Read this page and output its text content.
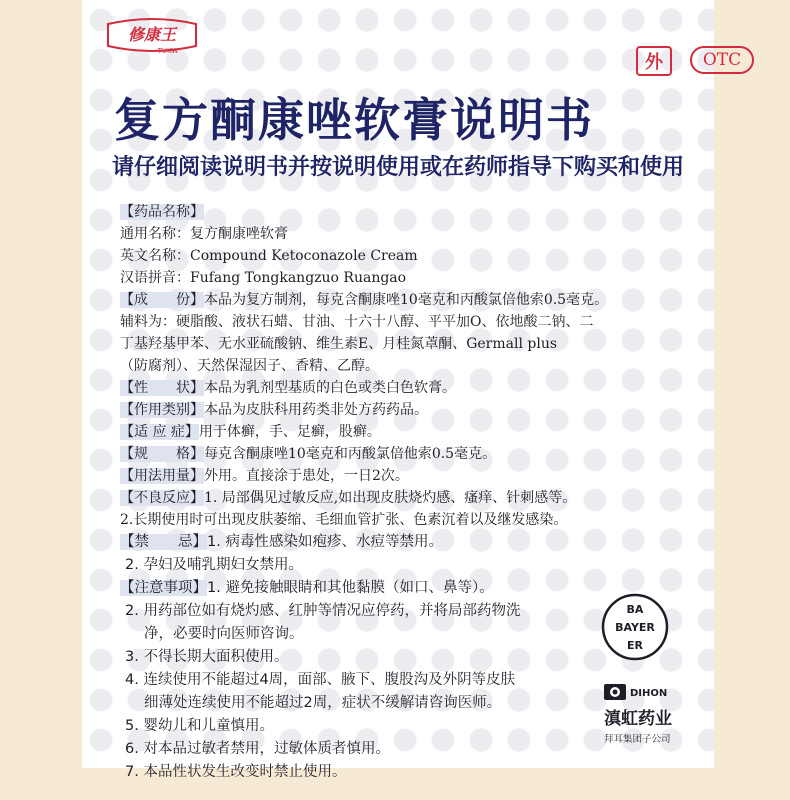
修康王
TUKW
外	OTC
复方酮康唑软膏说明书

请仔细阅读说明书并按说明使用或在药师指导下购买和使用

【药品名称】
通用名称：复方酮康唑软膏
英文名称：Compound Ketoconazole Cream
汉语拼音：Fufang Tongkangzuo Ruangao
【成　　份】本品为复方制剂，每克含酮康唑10毫克和丙酸氯倍他索0.5毫克。
辅料为：硬脂酸、液状石蜡、甘油、十六十八醇、平平加O、依地酸二钠、二
丁基羟基甲苯、无水亚硫酸钠、维生素E、月桂氮䓬酮、Germall plus
（防腐剂）、天然保湿因子、香精、乙醇。
【性　　状】本品为乳剂型基质的白色或类白色软膏。
【作用类别】本品为皮肤科用药类非处方药药品。
【适 应 症】用于体癣，手、足癣，股癣。
【规　　格】每克含酮康唑10毫克和丙酸氯倍他索0.5毫克。
【用法用量】外用。直接涂于患处，一日2次。
【不良反应】1. 局部偶见过敏反应,如出现皮肤烧灼感、瘙痒、针刺感等。
2.长期使用时可出现皮肤萎缩、毛细血管扩张、色素沉着以及继发感染。
【禁　　忌】1. 病毒性感染如疱疹、水痘等禁用。
2. 孕妇及哺乳期妇女禁用。
【注意事项】1. 避免接触眼睛和其他黏膜（如口、鼻等）。
2. 用药部位如有烧灼感、红肿等情况应停药，并将局部药物洗
净，必要时向医师咨询。
3. 不得长期大面积使用。
4. 连续使用不能超过4周，面部、腋下、腹股沟及外阴等皮肤
细薄处连续使用不能超过2周，症状不缓解请咨询医师。
5. 婴幼儿和儿童慎用。
6. 对本品过敏者禁用，过敏体质者慎用。
7. 本品性状发生改变时禁止使用。
BA
BAYER
ER
DIHON
滇虹药业
拜耳集团子公司
